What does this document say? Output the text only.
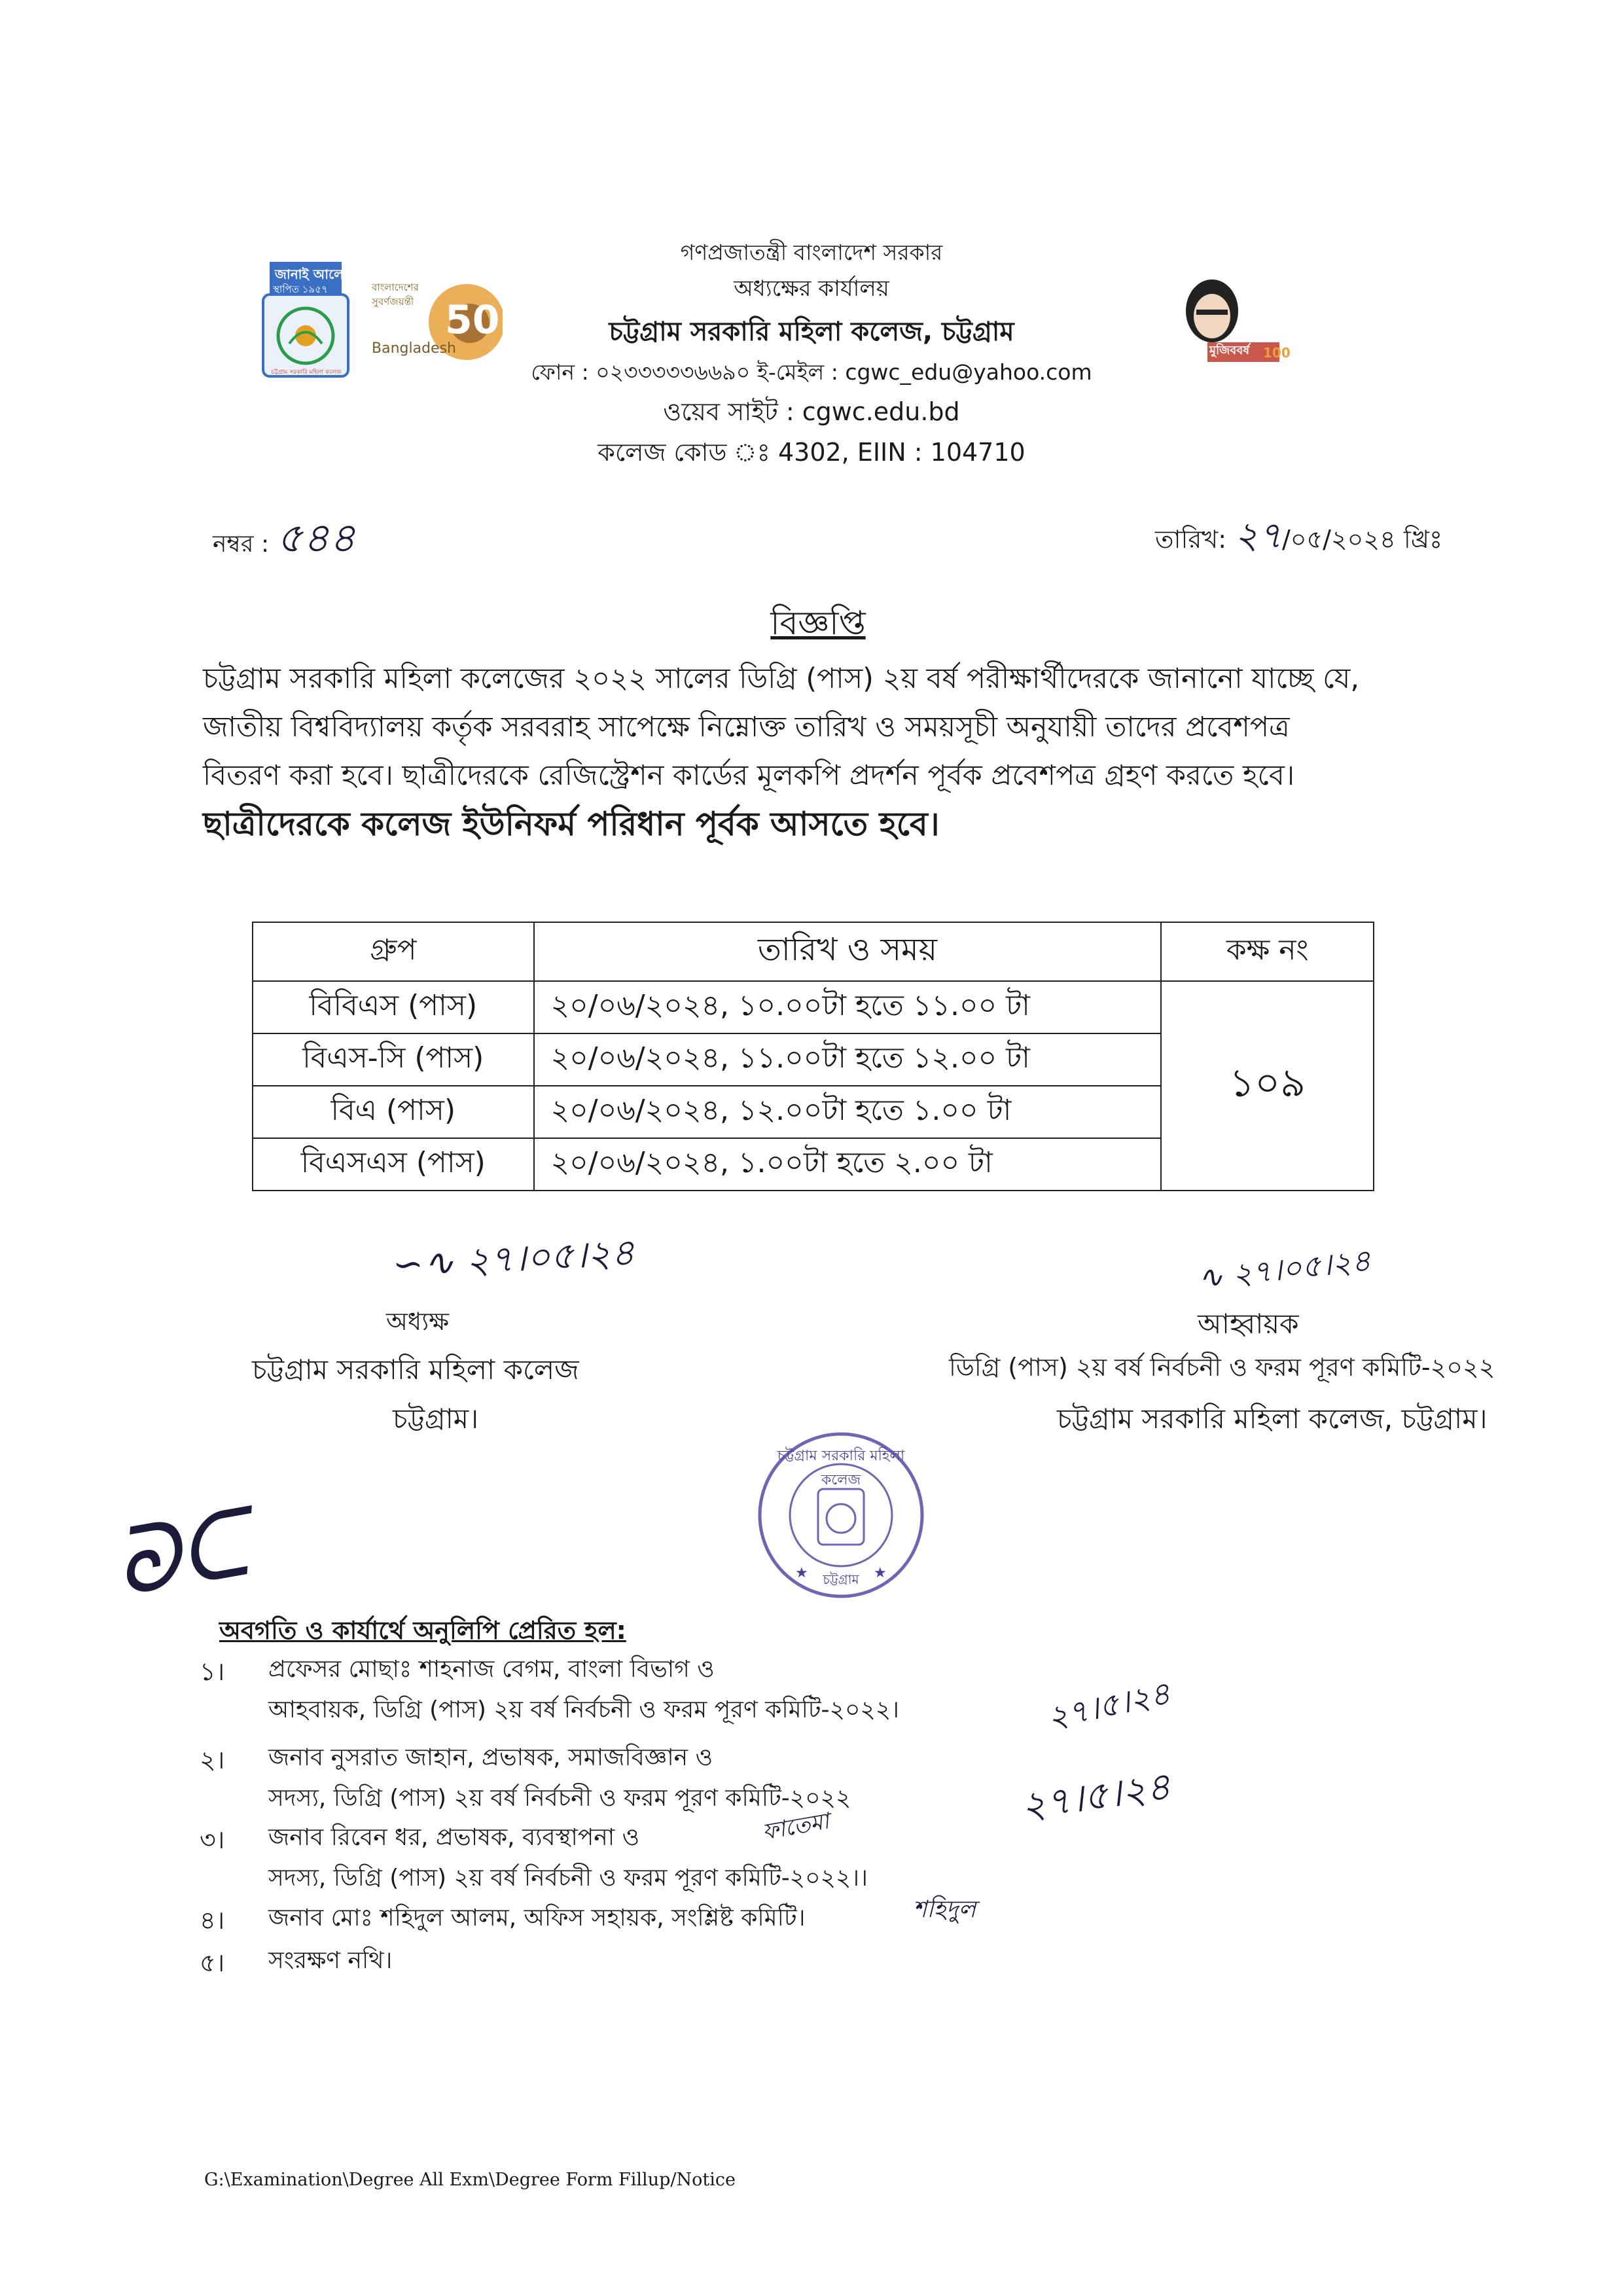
জানাই আলো
স্থাপিত ১৯৫৭
চট্টগ্রাম সরকারি মহিলা কলেজ
বাংলাদেশের
সুবর্ণজয়ন্তী
Bangladesh
50
মুজিববর্ষ 100
গণপ্রজাতন্ত্রী বাংলাদেশ সরকার
অধ্যক্ষের কার্যালয়
চট্টগ্রাম সরকারি মহিলা কলেজ, চট্টগ্রাম
ফোন : ০২৩৩৩৩৩৬৬৯০ ই-মেইল : cgwc_edu@yahoo.com
ওয়েব সাইট : cgwc.edu.bd
কলেজ কোড ঃ 4302, EIIN : 104710
নম্বর : ৫৪৪	তারিখ: ২৭/০৫/২০২৪ খ্রিঃ
বিজ্ঞপ্তি
চট্টগ্রাম সরকারি মহিলা কলেজের ২০২২ সালের ডিগ্রি (পাস) ২য় বর্ষ পরীক্ষার্থীদেরকে জানানো যাচ্ছে যে,
জাতীয় বিশ্ববিদ্যালয় কর্তৃক সরবরাহ সাপেক্ষে নিম্নোক্ত তারিখ ও সময়সূচী অনুযায়ী তাদের প্রবেশপত্র
বিতরণ করা হবে। ছাত্রীদেরকে রেজিস্ট্রেশন কার্ডের মূলকপি প্রদর্শন পূর্বক প্রবেশপত্র গ্রহণ করতে হবে।
ছাত্রীদেরকে কলেজ ইউনিফর্ম পরিধান পূর্বক আসতে হবে।
গ্রুপ	তারিখ ও সময়	কক্ষ নং
বিবিএস (পাস)	২০/০৬/২০২৪, ১০.০০টা হতে ১১.০০ টা	১০৯
বিএস-সি (পাস)	২০/০৬/২০২৪, ১১.০০টা হতে ১২.০০ টা	
বিএ (পাস)	২০/০৬/২০২৪, ১২.০০টা হতে ১.০০ টা	
বিএসএস (পাস)	২০/০৬/২০২৪, ১.০০টা হতে ২.০০ টা	
∽∿ ২৭।০৫।২৪
অধ্যক্ষ
চট্টগ্রাম সরকারি মহিলা কলেজ
চট্টগ্রাম।
∿ ২৭।০৫।২৪
আহ্বায়ক
ডিগ্রি (পাস) ২য় বর্ষ নির্বচনী ও ফরম পূরণ কমিটি-২০২২
চট্টগ্রাম সরকারি মহিলা কলেজ, চট্টগ্রাম।
★	★
চট্টগ্রাম সরকারি মহিলা কলেজ
চট্টগ্রাম
ᘐᑕ
অবগতি ও কার্যার্থে অনুলিপি প্রেরিত হল:
১। প্রফেসর মোছাঃ শাহনাজ বেগম, বাংলা বিভাগ ও
আহবায়ক, ডিগ্রি (পাস) ২য় বর্ষ নির্বচনী ও ফরম পূরণ কমিটি-২০২২।	২৭।৫।২৪
২। জনাব নুসরাত জাহান, প্রভাষক, সমাজবিজ্ঞান ও
সদস্য, ডিগ্রি (পাস) ২য় বর্ষ নির্বচনী ও ফরম পূরণ কমিটি-২০২২	২৭।৫।২৪
৩। জনাব রিবেন ধর, প্রভাষক, ব্যবস্থাপনা ও
সদস্য, ডিগ্রি (পাস) ২য় বর্ষ নির্বচনী ও ফরম পূরণ কমিটি-২০২২।।
ফাতেমা
৪। জনাব মোঃ শহিদুল আলম, অফিস সহায়ক, সংশ্লিষ্ট কমিটি।	শহিদুল
৫। সংরক্ষণ নথি।
G:\Examination\Degree All Exm\Degree Form Fillup/Notice
